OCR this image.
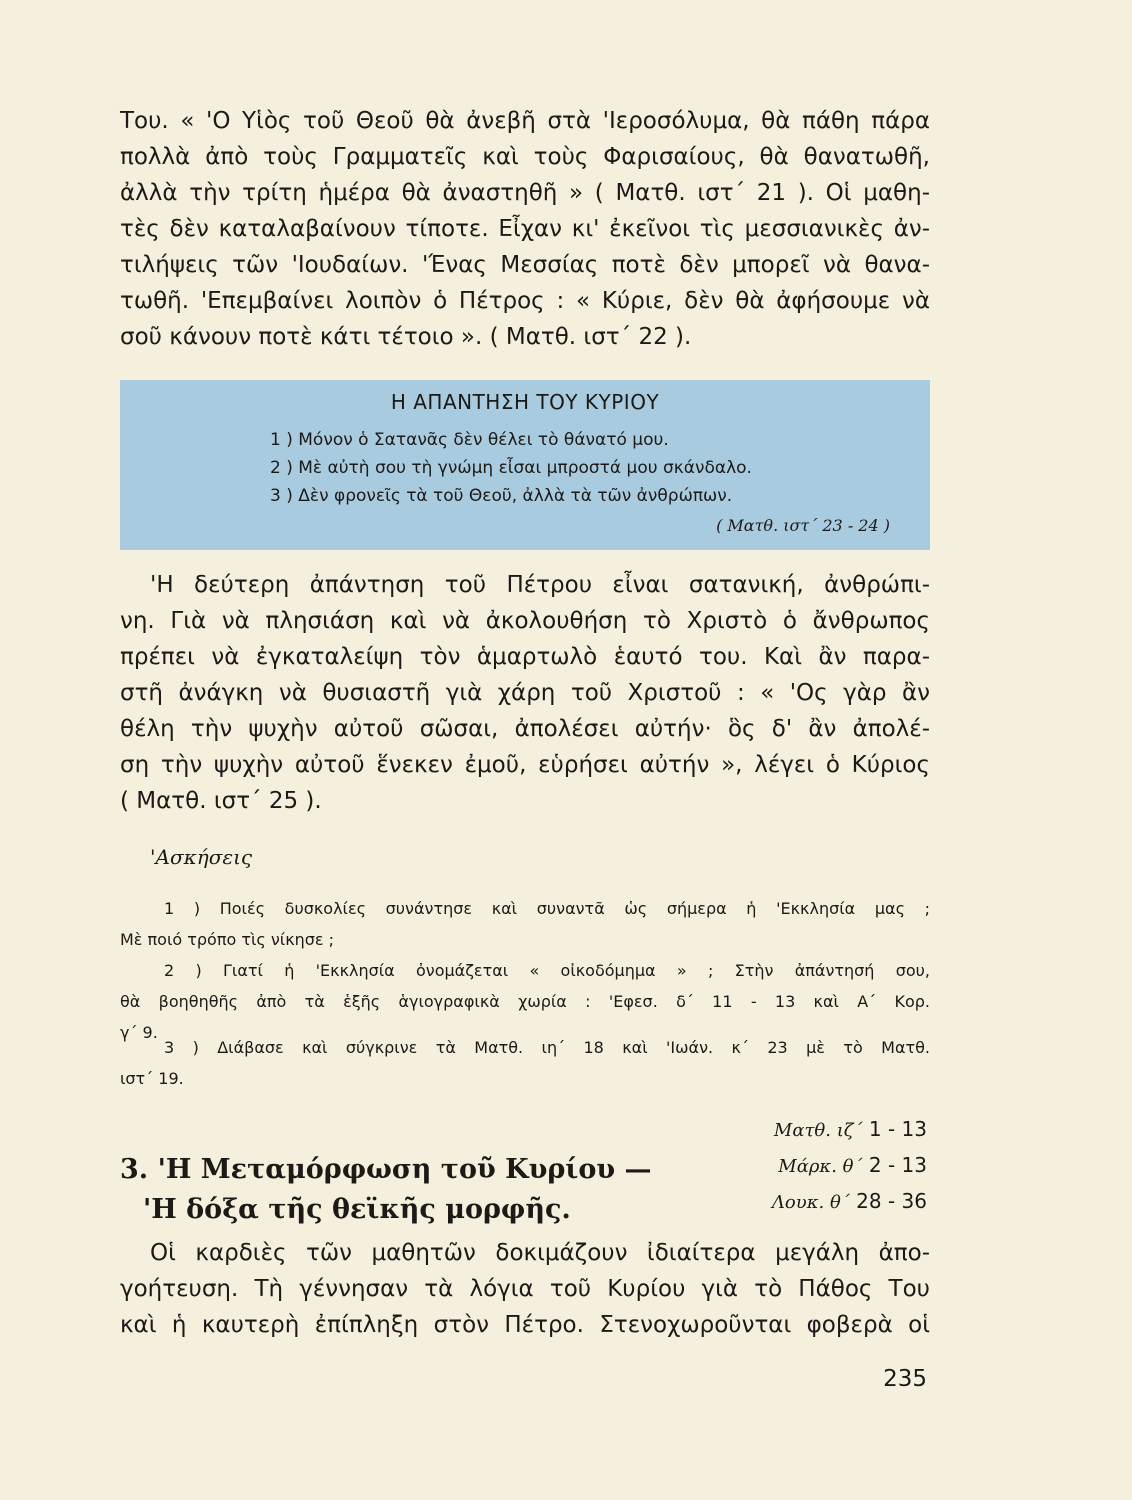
Του. « 'Ο Υἱὸς τοῦ Θεοῦ θὰ ἀνεβῆ στὰ 'Ιεροσόλυμα, θὰ πάθη πάρα
πολλὰ ἀπὸ τοὺς Γραμματεῖς καὶ τοὺς Φαρισαίους, θὰ θανατωθῆ,
ἀλλὰ τὴν τρίτη ἡμέρα θὰ ἀναστηθῆ » ( Ματθ. ιστ΄ 21 ). Οἱ μαθη-
τὲς δὲν καταλαβαίνουν τίποτε. Εἶχαν κι' ἐκεῖνοι τὶς μεσσιανικὲς ἀν-
τιλήψεις τῶν 'Ιουδαίων. 'Ένας Μεσσίας ποτὲ δὲν μπορεῖ νὰ θανα-
τωθῆ. 'Επεμβαίνει λοιπὸν ὁ Πέτρος : « Κύριε, δὲν θὰ ἀφήσουμε νὰ
σοῦ κάνουν ποτὲ κάτι τέτοιο ». ( Ματθ. ιστ΄ 22 ).
Η ΑΠΑΝΤΗΣΗ ΤΟΥ ΚΥΡΙΟΥ
1 ) Μόνον ὁ Σατανᾶς δὲν θέλει τὸ θάνατό μου.
2 ) Μὲ αὐτὴ σου τὴ γνώμη εἶσαι μπροστά μου σκάνδαλο.
3 ) Δὲν φρονεῖς τὰ τοῦ Θεοῦ, ἀλλὰ τὰ τῶν ἀνθρώπων.
( Ματθ. ιστ΄ 23 - 24 )
'Η δεύτερη ἀπάντηση τοῦ Πέτρου εἶναι σατανική, ἀνθρώπι-
νη. Γιὰ νὰ πλησιάση καὶ νὰ ἀκολουθήση τὸ Χριστὸ ὁ ἄνθρωπος
πρέπει νὰ ἐγκαταλείψη τὸν ἁμαρτωλὸ ἑαυτό του. Καὶ ἂν παρα-
στῆ ἀνάγκη νὰ θυσιαστῆ γιὰ χάρη τοῦ Χριστοῦ : « 'Ος γὰρ ἂν
θέλη τὴν ψυχὴν αὐτοῦ σῶσαι, ἀπολέσει αὐτήν· ὃς δ' ἂν ἀπολέ-
ση τὴν ψυχὴν αὐτοῦ ἕνεκεν ἐμοῦ, εὑρήσει αὐτήν », λέγει ὁ Κύριος
( Ματθ. ιστ΄ 25 ).
'Ασκήσεις
1 ) Ποιές δυσκολίες συνάντησε καὶ συναντᾶ ὡς σήμερα ἡ 'Εκκλησία μας ;
Μὲ ποιό τρόπο τὶς νίκησε ;
2 ) Γιατί ἡ 'Εκκλησία ὀνομάζεται « οἰκοδόμημα » ; Στὴν ἀπάντησή σου,
θὰ βοηθηθῆς ἀπὸ τὰ ἑξῆς ἁγιογραφικὰ χωρία : 'Εφεσ. δ΄ 11 - 13 καὶ Α΄ Κορ.
γ΄ 9.
3 ) Διάβασε καὶ σύγκρινε τὰ Ματθ. ιη΄ 18 καὶ 'Ιωάν. κ΄ 23 μὲ τὸ Ματθ.
ιστ΄ 19.
Ματθ. ιζ΄ 1 - 13
Μάρκ. θ΄ 2 - 13
Λουκ. θ΄ 28 - 36
3. 'Η Μεταμόρφωση τοῦ Κυρίου —
'Η δόξα τῆς θεϊκῆς μορφῆς.
Οἱ καρδιὲς τῶν μαθητῶν δοκιμάζουν ἰδιαίτερα μεγάλη ἀπο-
γοήτευση. Τὴ γέννησαν τὰ λόγια τοῦ Κυρίου γιὰ τὸ Πάθος Του
καὶ ἡ καυτερὴ ἐπίπληξη στὸν Πέτρο. Στενοχωροῦνται φοβερὰ οἱ
235
